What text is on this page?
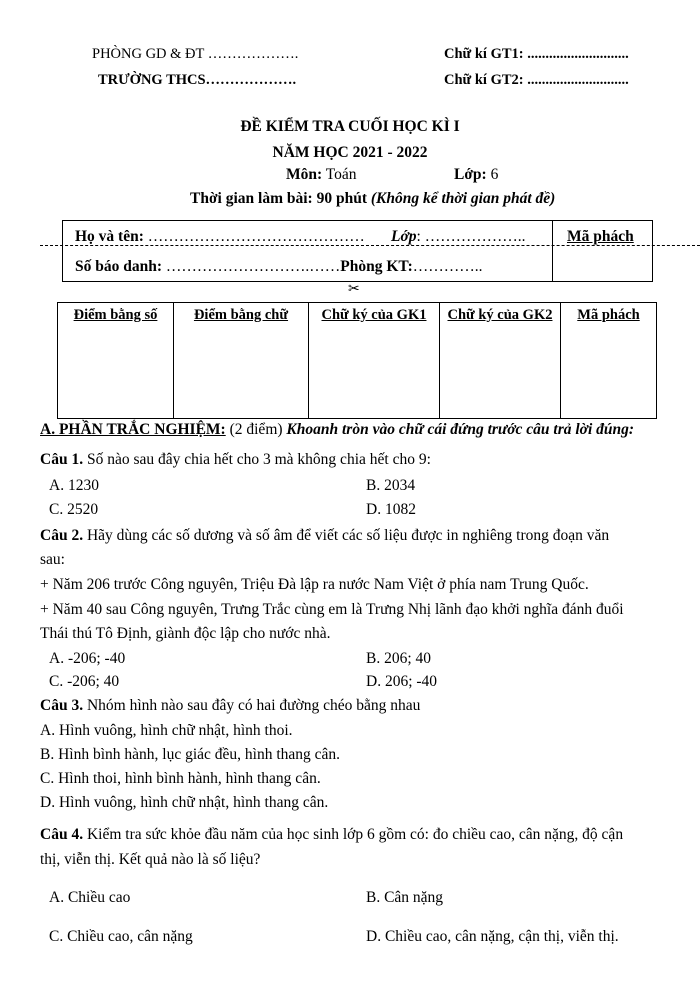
PHÒNG GD & ĐT ……………….
TRƯỜNG THCS……………….
Chữ kí GT1: ............................
Chữ kí GT2: ............................
ĐỀ KIỂM TRA CUỐI HỌC KÌ I
NĂM HỌC 2021 - 2022
Môn: Toán	Lớp: 6
Thời gian làm bài: 90 phút (Không kể thời gian phát đề)
Họ và tên: …………………………………… Lớp: ………………..	Mã phách
Số báo danh: ……………………….……Phòng KT:…………..
✂
Điểm bằng số	Điểm bằng chữ	Chữ ký của GK1	Chữ ký của GK2	Mã phách
A. PHẦN TRẮC NGHIỆM: (2 điểm) Khoanh tròn vào chữ cái đứng trước câu trả lời đúng:
Câu 1. Số nào sau đây chia hết cho 3 mà không chia hết cho 9:
A. 1230	B. 2034
C. 2520	D. 1082
Câu 2. Hãy dùng các số dương và số âm để viết các số liệu được in nghiêng trong đoạn văn
sau:
+ Năm 206 trước Công nguyên, Triệu Đà lập ra nước Nam Việt ở phía nam Trung Quốc.
+ Năm 40 sau Công nguyên, Trưng Trắc cùng em là Trưng Nhị lãnh đạo khởi nghĩa đánh đuổi
Thái thú Tô Định, giành độc lập cho nước nhà.
A. -206; -40	B. 206; 40
C. -206; 40	D. 206; -40
Câu 3. Nhóm hình nào sau đây có hai đường chéo bằng nhau
A. Hình vuông, hình chữ nhật, hình thoi.
B. Hình bình hành, lục giác đều, hình thang cân.
C. Hình thoi, hình bình hành, hình thang cân.
D. Hình vuông, hình chữ nhật, hình thang cân.
Câu 4. Kiểm tra sức khỏe đầu năm của học sinh lớp 6 gồm có: đo chiều cao, cân nặng, độ cận
thị, viễn thị. Kết quả nào là số liệu?
A. Chiều cao	B. Cân nặng
C. Chiều cao, cân nặng	D. Chiều cao, cân nặng, cận thị, viễn thị.
